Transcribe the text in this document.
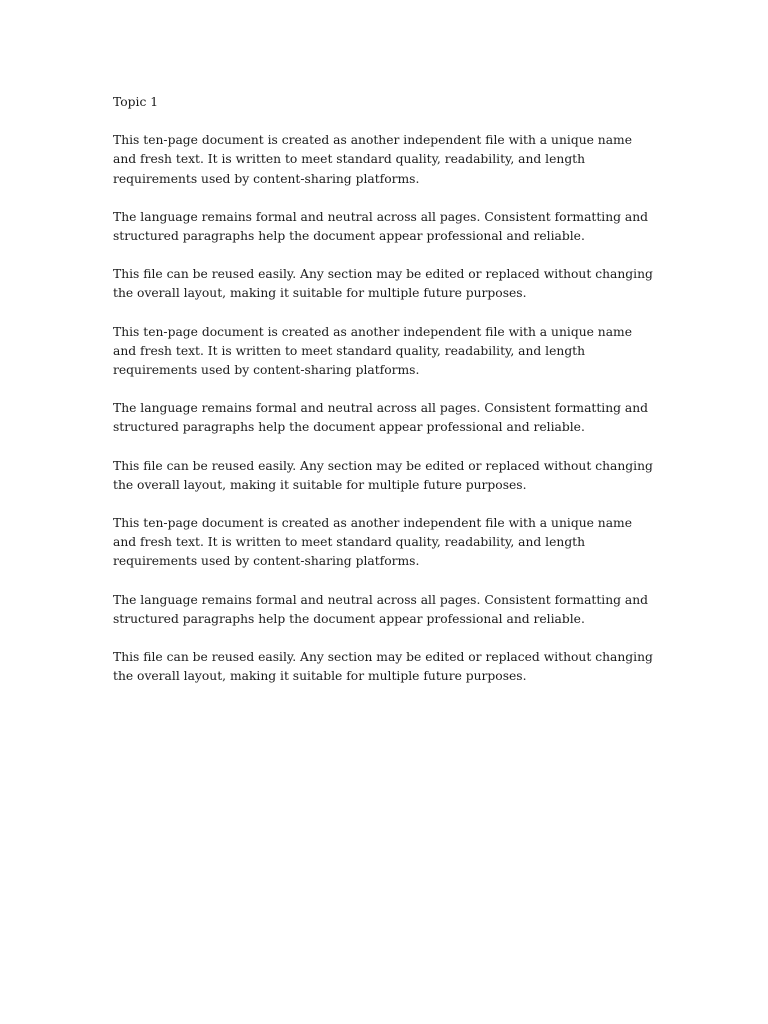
Topic 1

This ten-page document is created as another independent file with a unique name and fresh text. It is written to meet standard quality, readability, and length requirements used by content-sharing platforms.

The language remains formal and neutral across all pages. Consistent formatting and structured paragraphs help the document appear professional and reliable.

This file can be reused easily. Any section may be edited or replaced without changing the overall layout, making it suitable for multiple future purposes.

This ten-page document is created as another independent file with a unique name and fresh text. It is written to meet standard quality, readability, and length requirements used by content-sharing platforms.

The language remains formal and neutral across all pages. Consistent formatting and structured paragraphs help the document appear professional and reliable.

This file can be reused easily. Any section may be edited or replaced without changing the overall layout, making it suitable for multiple future purposes.

This ten-page document is created as another independent file with a unique name and fresh text. It is written to meet standard quality, readability, and length requirements used by content-sharing platforms.

The language remains formal and neutral across all pages. Consistent formatting and structured paragraphs help the document appear professional and reliable.

This file can be reused easily. Any section may be edited or replaced without changing the overall layout, making it suitable for multiple future purposes.
